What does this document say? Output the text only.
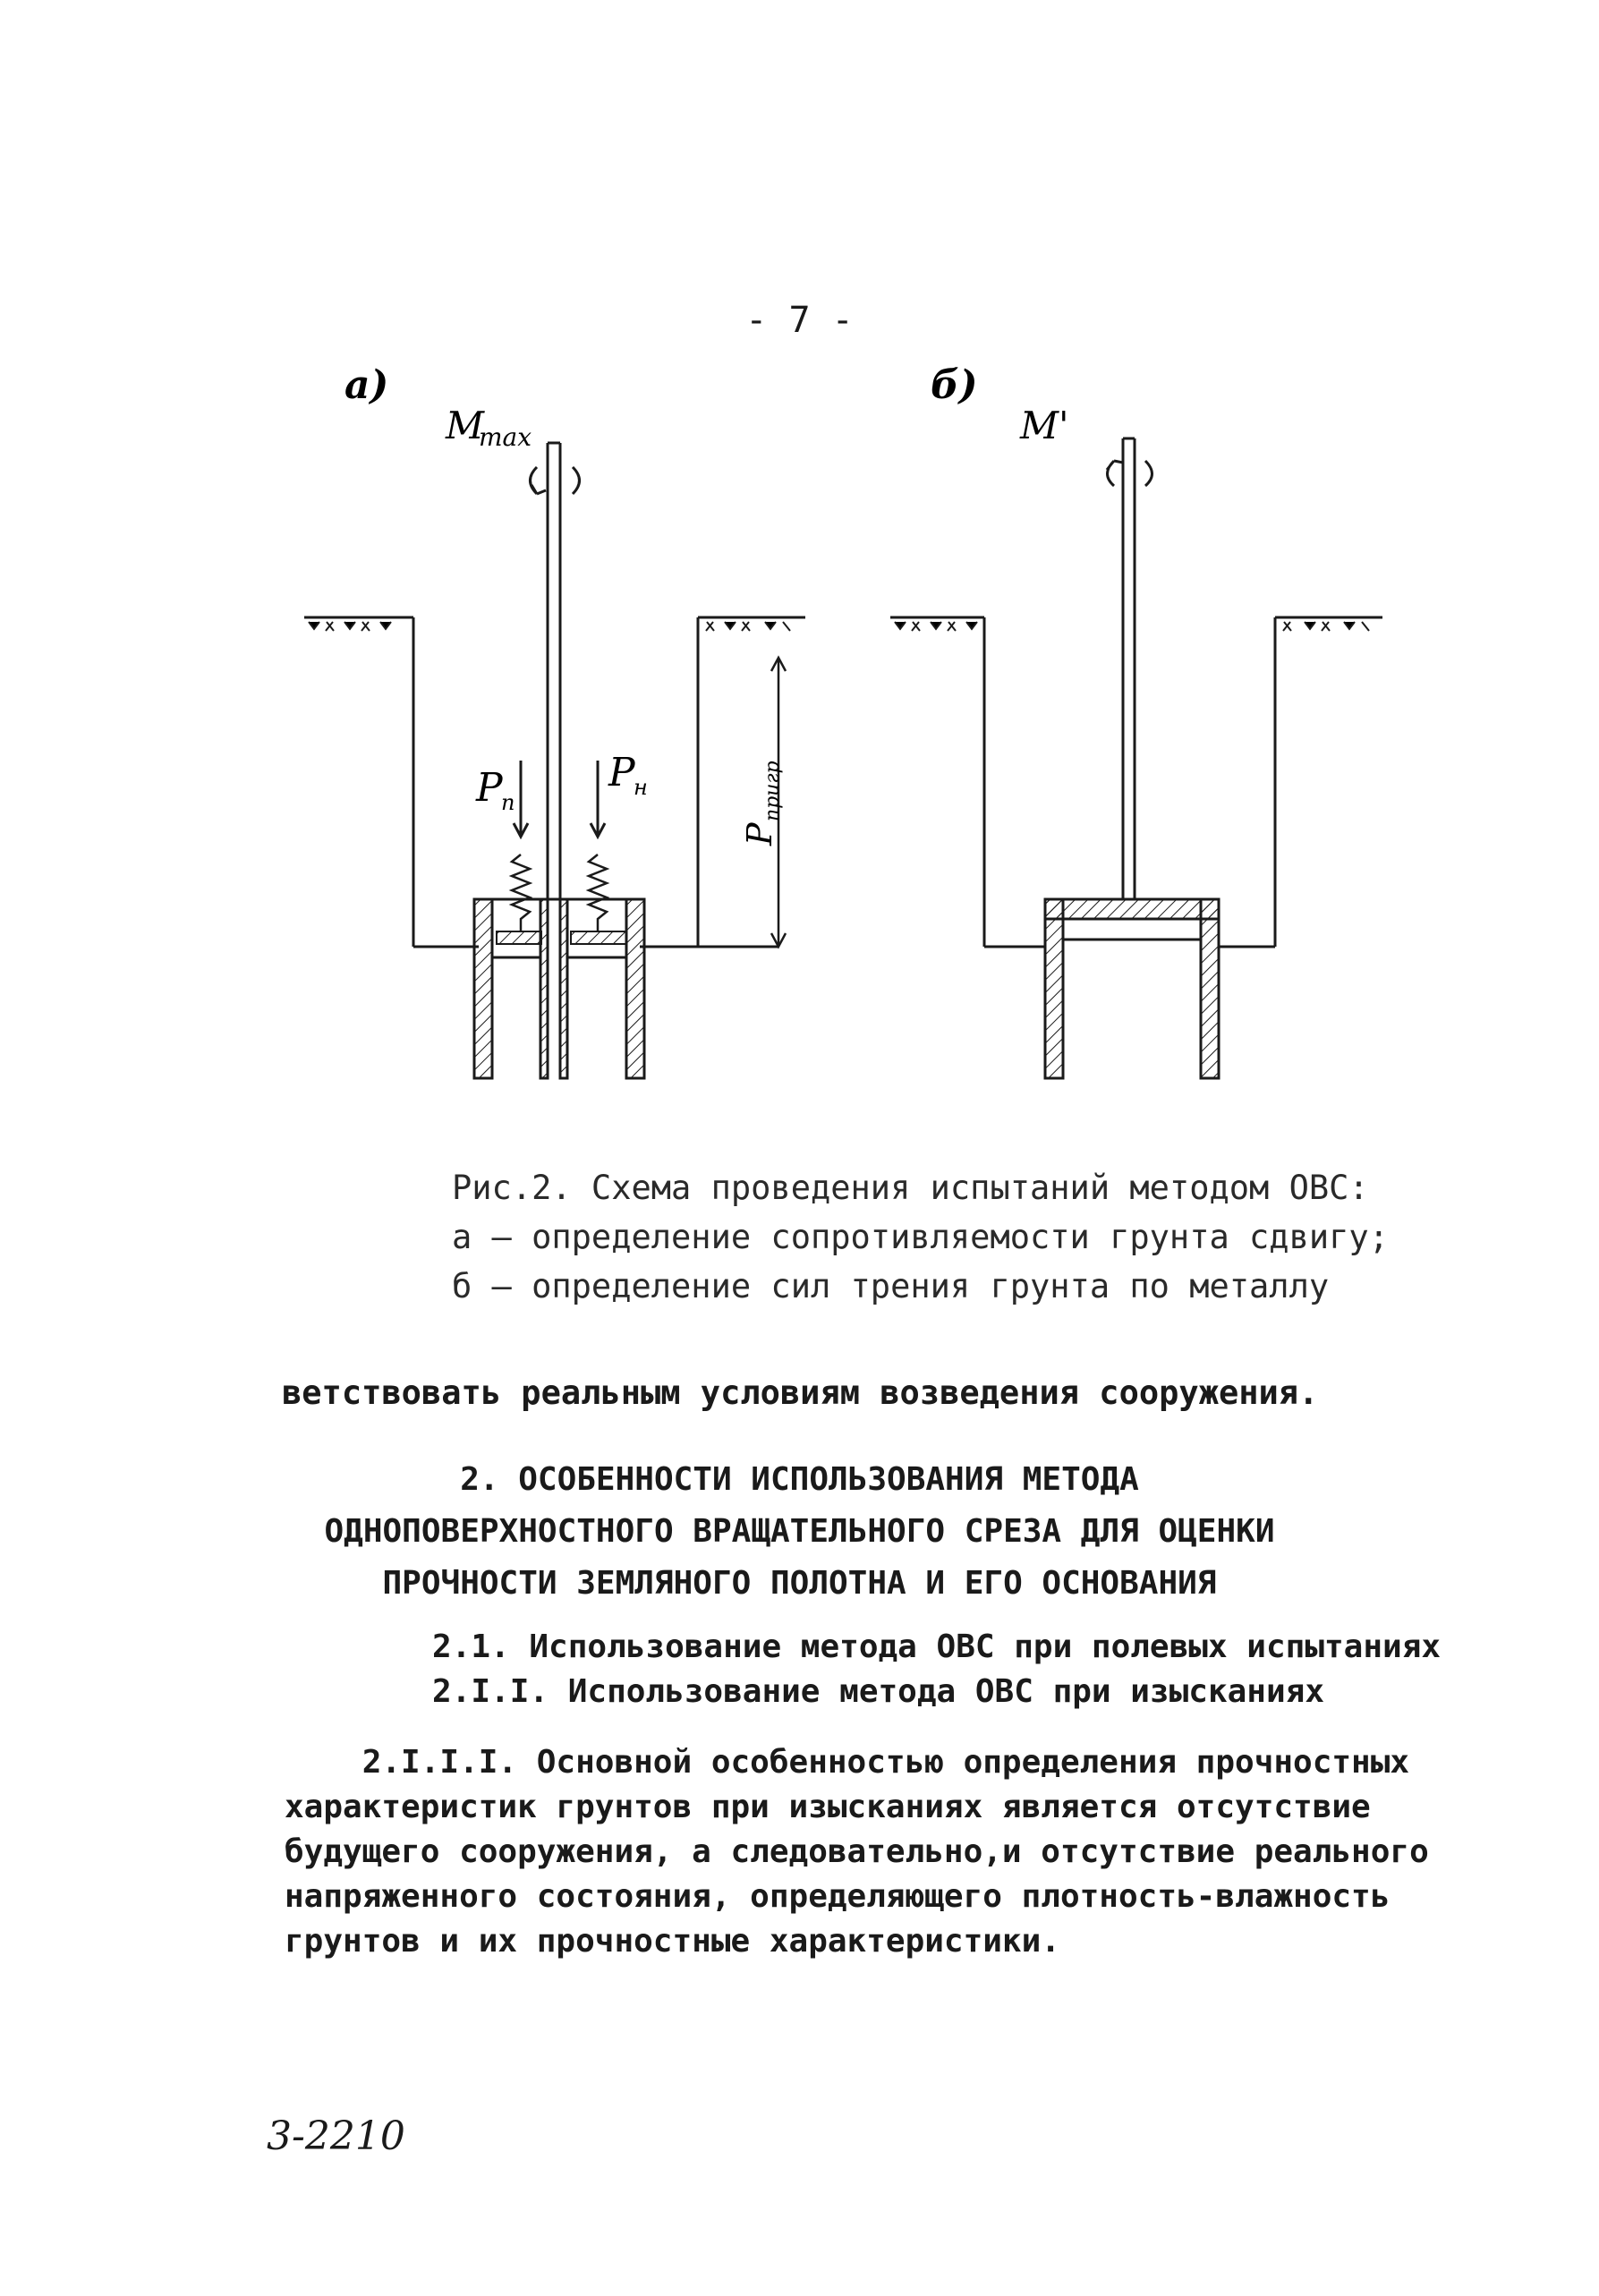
- 7 -
а)
M
max
P
n
P
н
P
пригр
б)
M'
Рис.2. Схема проведения испытаний методом ОВС:
а – определение сопротивляемости грунта сдвигу;
б – определение сил трения грунта по металлу
ветствовать реальным условиям возведения сооружения.
2. ОСОБЕННОСТИ ИСПОЛЬЗОВАНИЯ МЕТОДА
ОДНОПОВЕРХНОСТНОГО ВРАЩАТЕЛЬНОГО СРЕЗА ДЛЯ ОЦЕНКИ
ПРОЧНОСТИ ЗЕМЛЯНОГО ПОЛОТНА И ЕГО ОСНОВАНИЯ
2.1. Использование метода ОВС при полевых испытаниях
2.I.I. Использование метода ОВС при изысканиях
2.I.I.I. Основной особенностью определения прочностных
характеристик грунтов при изысканиях является отсутствие
будущего сооружения, а следовательно,и отсутствие реального
напряженного состояния, определяющего плотность-влажность
грунтов и их прочностные характеристики.
3-2210
